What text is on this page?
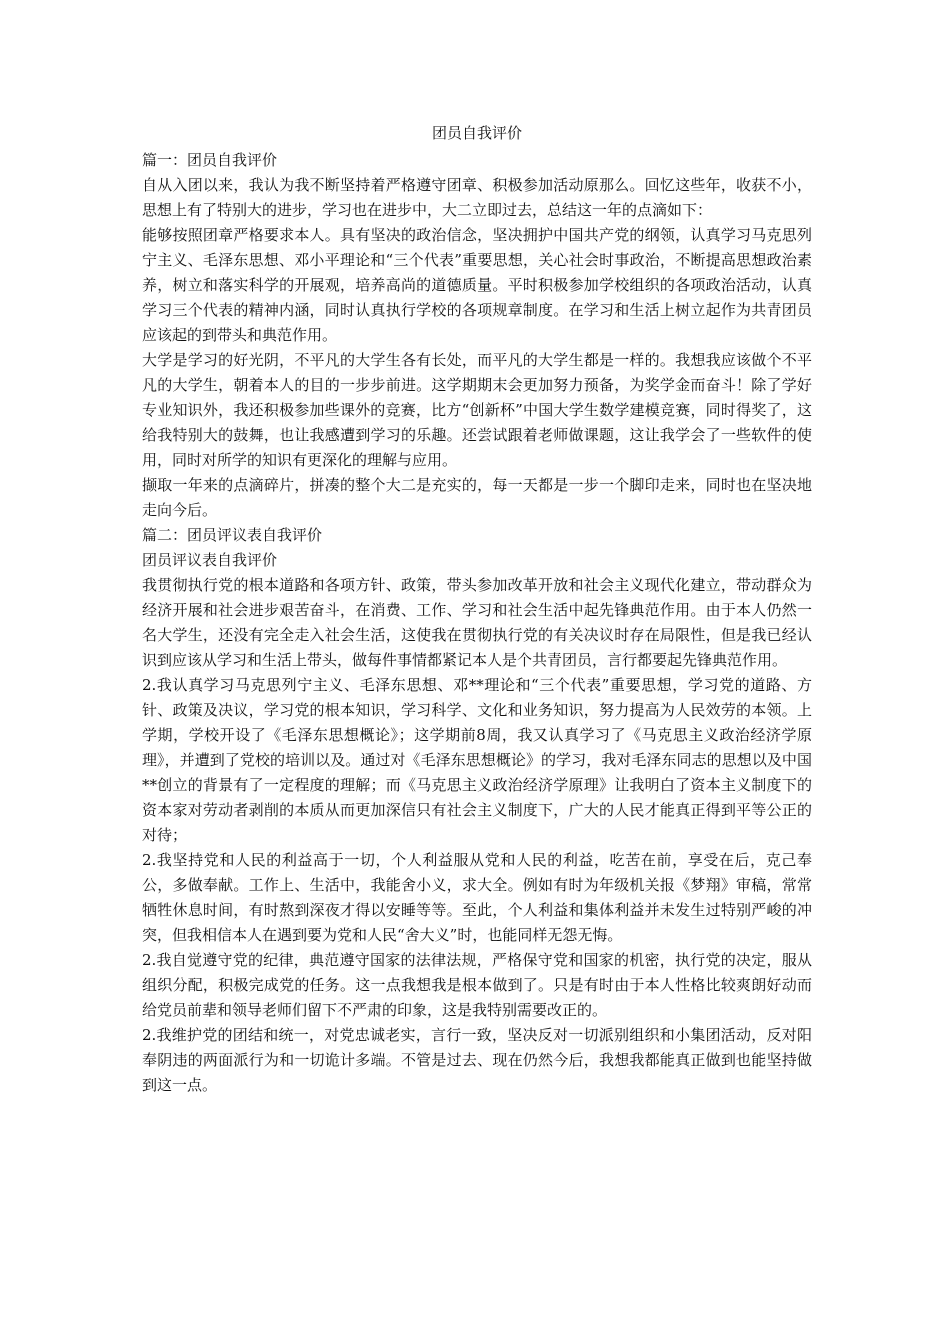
团员自我评价

篇一：团员自我评价

自从入团以来，我认为我不断坚持着严格遵守团章、积极参加活动原那么。回忆这些年，收获不小，思想上有了特别大的进步，学习也在进步中，大二立即过去，总结这一年的点滴如下：

能够按照团章严格要求本人。具有坚决的政治信念，坚决拥护中国共产党的纲领，认真学习马克思列宁主义、毛泽东思想、邓小平理论和“三个代表”重要思想，关心社会时事政治，不断提高思想政治素养，树立和落实科学的开展观，培养高尚的道德质量。平时积极参加学校组织的各项政治活动，认真学习三个代表的精神内涵，同时认真执行学校的各项规章制度。在学习和生活上树立起作为共青团员应该起的到带头和典范作用。

大学是学习的好光阴，不平凡的大学生各有长处，而平凡的大学生都是一样的。我想我应该做个不平凡的大学生，朝着本人的目的一步步前进。这学期期末会更加努力预备，为奖学金而奋斗！除了学好专业知识外，我还积极参加些课外的竞赛，比方“创新杯”中国大学生数学建模竞赛，同时得奖了，这给我特别大的鼓舞，也让我感遭到学习的乐趣。还尝试跟着老师做课题，这让我学会了一些软件的使用，同时对所学的知识有更深化的理解与应用。

撷取一年来的点滴碎片，拼凑的整个大二是充实的，每一天都是一步一个脚印走来，同时也在坚决地走向今后。

篇二：团员评议表自我评价

团员评议表自我评价

我贯彻执行党的根本道路和各项方针、政策，带头参加改革开放和社会主义现代化建立，带动群众为经济开展和社会进步艰苦奋斗，在消费、工作、学习和社会生活中起先锋典范作用。由于本人仍然一名大学生，还没有完全走入社会生活，这使我在贯彻执行党的有关决议时存在局限性，但是我已经认识到应该从学习和生活上带头，做每件事情都紧记本人是个共青团员，言行都要起先锋典范作用。

2.我认真学习马克思列宁主义、毛泽东思想、邓**理论和“三个代表”重要思想，学习党的道路、方针、政策及决议，学习党的根本知识，学习科学、文化和业务知识，努力提高为人民效劳的本领。上学期，学校开设了《毛泽东思想概论》；这学期前8周，我又认真学习了《马克思主义政治经济学原理》，并遭到了党校的培训以及。通过对《毛泽东思想概论》的学习，我对毛泽东同志的思想以及中国**创立的背景有了一定程度的理解；而《马克思主义政治经济学原理》让我明白了资本主义制度下的资本家对劳动者剥削的本质从而更加深信只有社会主义制度下，广大的人民才能真正得到平等公正的对待；

2.我坚持党和人民的利益高于一切，个人利益服从党和人民的利益，吃苦在前，享受在后，克己奉公，多做奉献。工作上、生活中，我能舍小义，求大全。例如有时为年级机关报《梦翔》审稿，常常牺牲休息时间，有时熬到深夜才得以安睡等等。至此，个人利益和集体利益并未发生过特别严峻的冲突，但我相信本人在遇到要为党和人民“舍大义”时，也能同样无怨无悔。

2.我自觉遵守党的纪律，典范遵守国家的法律法规，严格保守党和国家的机密，执行党的决定，服从组织分配，积极完成党的任务。这一点我想我是根本做到了。只是有时由于本人性格比较爽朗好动而给党员前辈和领导老师们留下不严肃的印象，这是我特别需要改正的。

2.我维护党的团结和统一，对党忠诚老实，言行一致，坚决反对一切派别组织和小集团活动，反对阳奉阴违的两面派行为和一切诡计多端。不管是过去、现在仍然今后，我想我都能真正做到也能坚持做到这一点。
